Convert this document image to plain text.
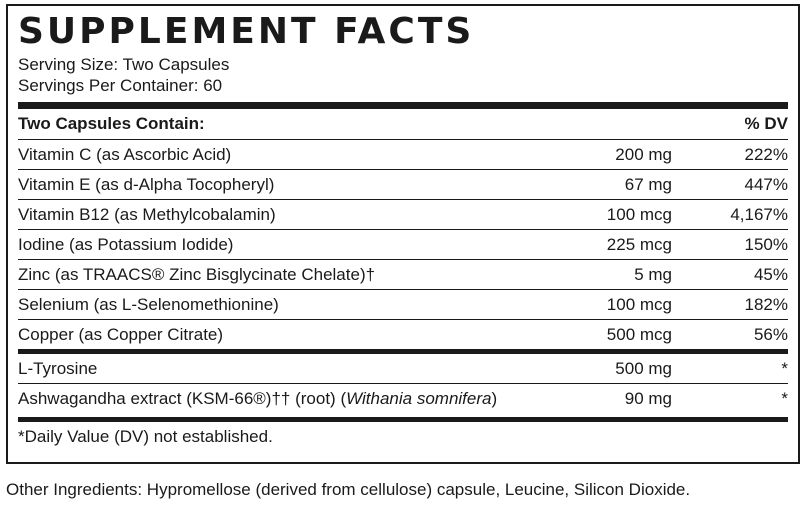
SUPPLEMENT FACTS
Serving Size: Two Capsules
Servings Per Container: 60
Two Capsules Contain:	% DV
Vitamin C (as Ascorbic Acid)	200 mg	222%
Vitamin E (as d-Alpha Tocopheryl)	67 mg	447%
Vitamin B12 (as Methylcobalamin)	100 mcg	4,167%
Iodine (as Potassium Iodide)	225 mcg	150%
Zinc (as TRAACS® Zinc Bisglycinate Chelate)†	5 mg	45%
Selenium (as L-Selenomethionine)	100 mcg	182%
Copper (as Copper Citrate)	500 mcg	56%
L-Tyrosine	500 mg	*
Ashwagandha extract (KSM-66®)†† (root) (Withania somnifera)	90 mg	*
*Daily Value (DV) not established.
Other Ingredients: Hypromellose (derived from cellulose) capsule, Leucine, Silicon Dioxide.
